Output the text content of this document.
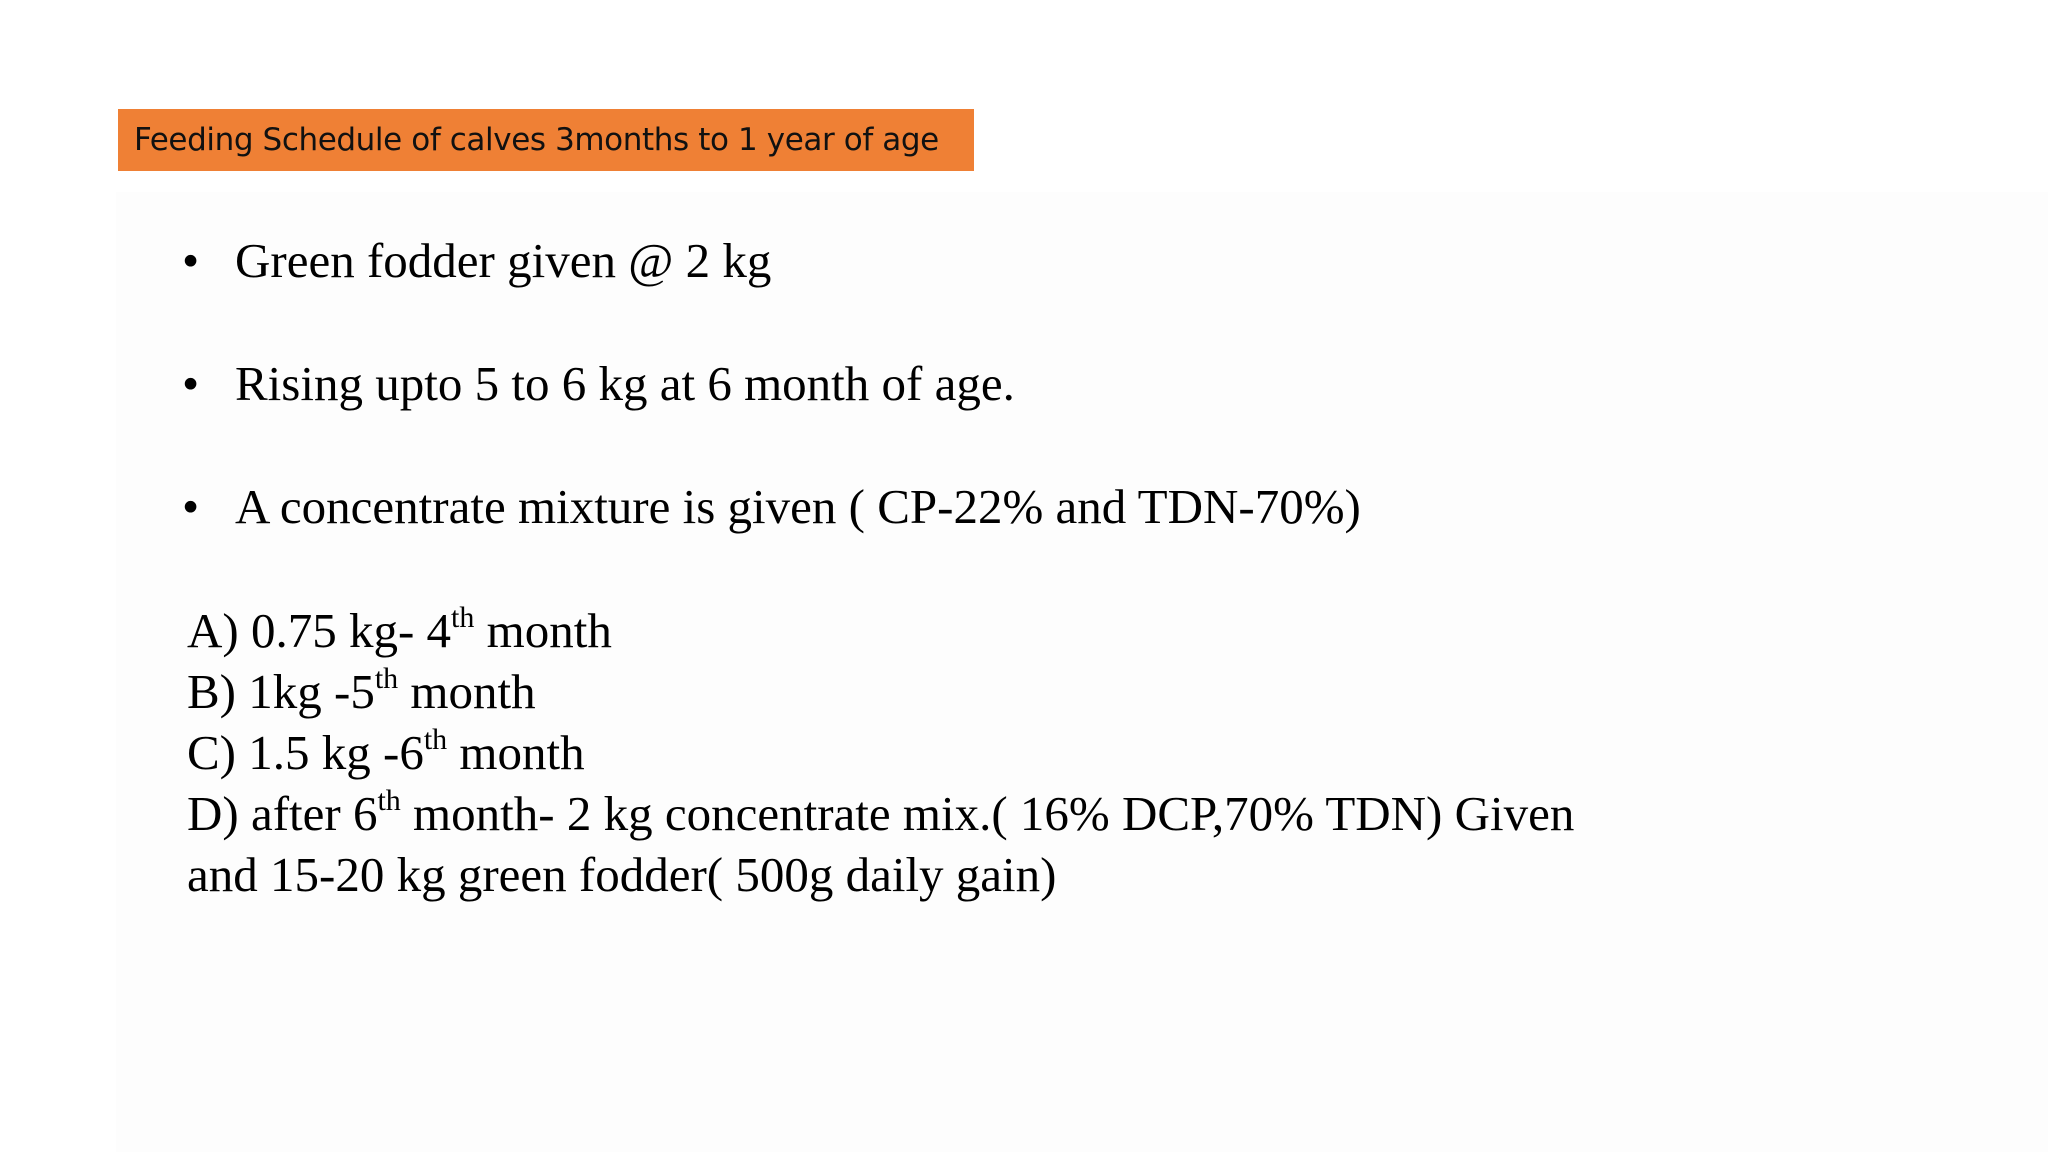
Feeding Schedule of calves 3months to 1 year of age
• Green fodder given @ 2 kg
• Rising upto 5 to 6 kg at 6 month of age.
• A concentrate mixture is given ( CP-22% and TDN-70%)
A) 0.75 kg- 4th month
B) 1kg -5th month
C) 1.5 kg -6th month
D) after 6th month- 2 kg concentrate mix.( 16% DCP,70% TDN) Given
and 15-20 kg green fodder( 500g daily gain)
